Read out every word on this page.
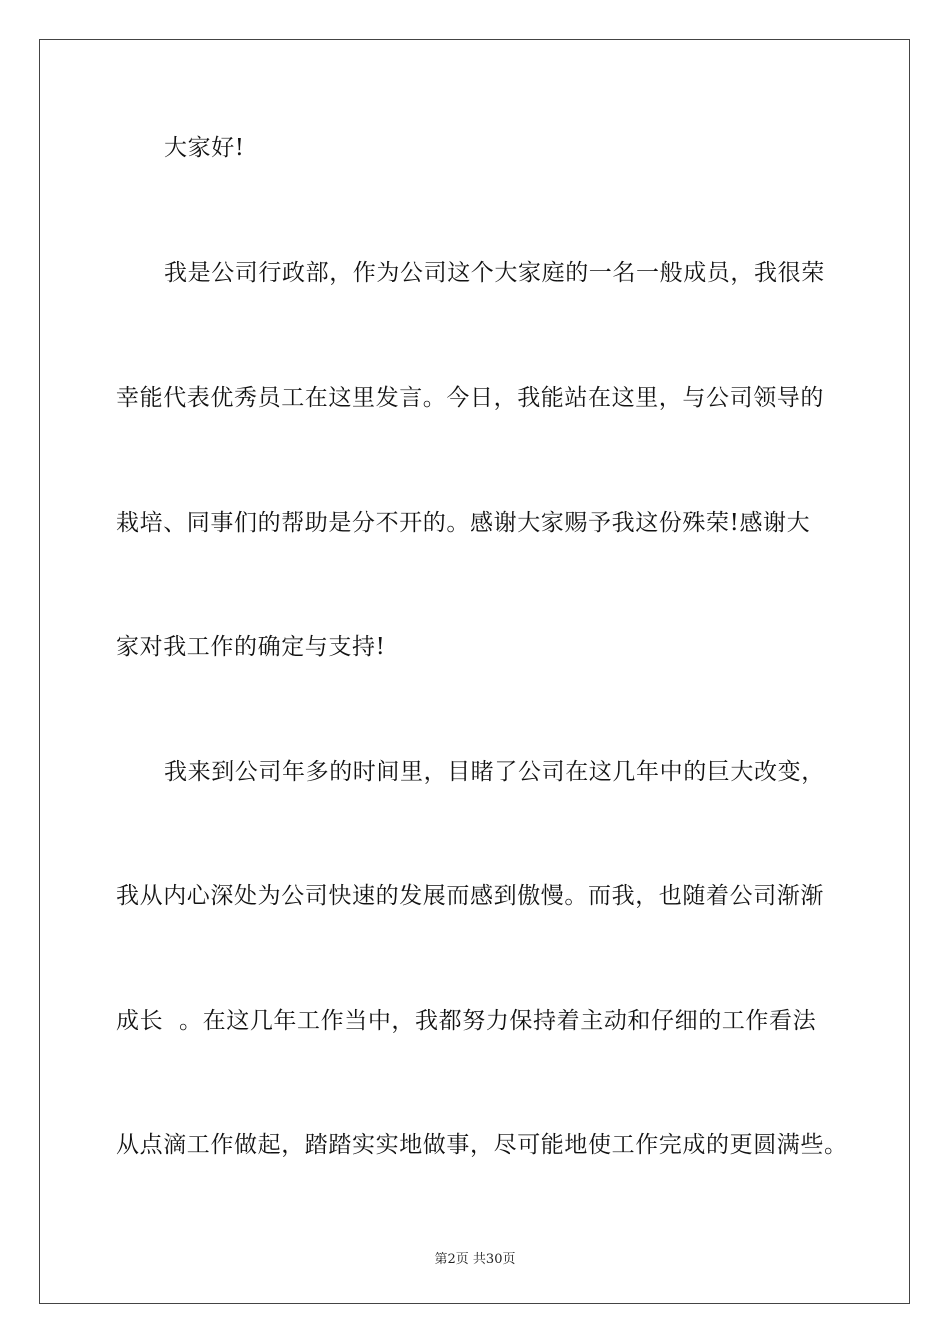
大家好!
我是公司行政部，作为公司这个大家庭的一名一般成员，我很荣
幸能代表优秀员工在这里发言。今日，我能站在这里，与公司领导的
栽培、同事们的帮助是分不开的。感谢大家赐予我这份殊荣!感谢大
家对我工作的确定与支持!
我来到公司年多的时间里，目睹了公司在这几年中的巨大改变，
我从内心深处为公司快速的发展而感到傲慢。而我，也随着公司渐渐
成长  。在这几年工作当中，我都努力保持着主动和仔细的工作看法
从点滴工作做起，踏踏实实地做事，尽可能地使工作完成的更圆满些。
第2页 共30页
